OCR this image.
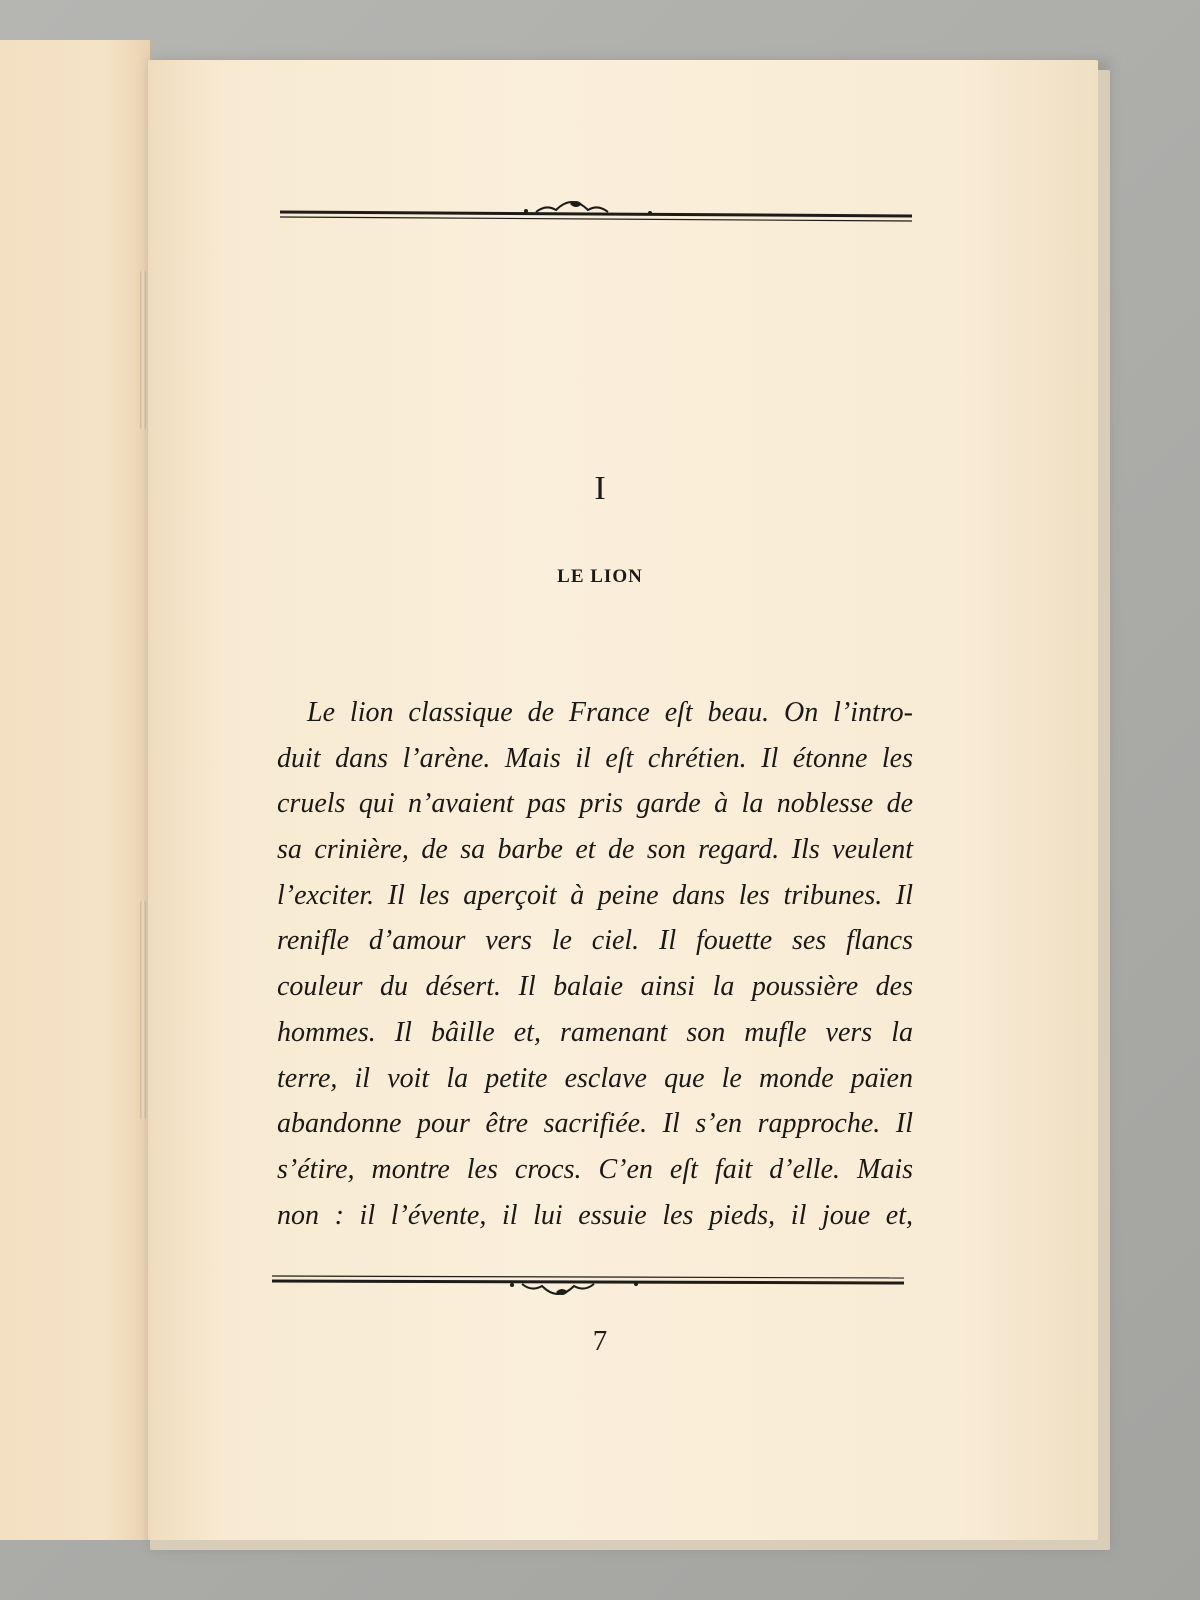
I
LE LION
Le lion classique de France eſt beau. On l’intro-
duit dans l’arène. Mais il eſt chrétien. Il étonne les
cruels qui n’avaient pas pris garde à la noblesse de
sa crinière, de sa barbe et de son regard. Ils veulent
l’exciter. Il les aperçoit à peine dans les tribunes. Il
renifle d’amour vers le ciel. Il fouette ses flancs
couleur du désert. Il balaie ainsi la poussière des
hommes. Il bâille et, ramenant son mufle vers la
terre, il voit la petite esclave que le monde païen
abandonne pour être sacrifiée. Il s’en rapproche. Il
s’étire, montre les crocs. C’en eſt fait d’elle. Mais
non : il l’évente, il lui essuie les pieds, il joue et,
7
